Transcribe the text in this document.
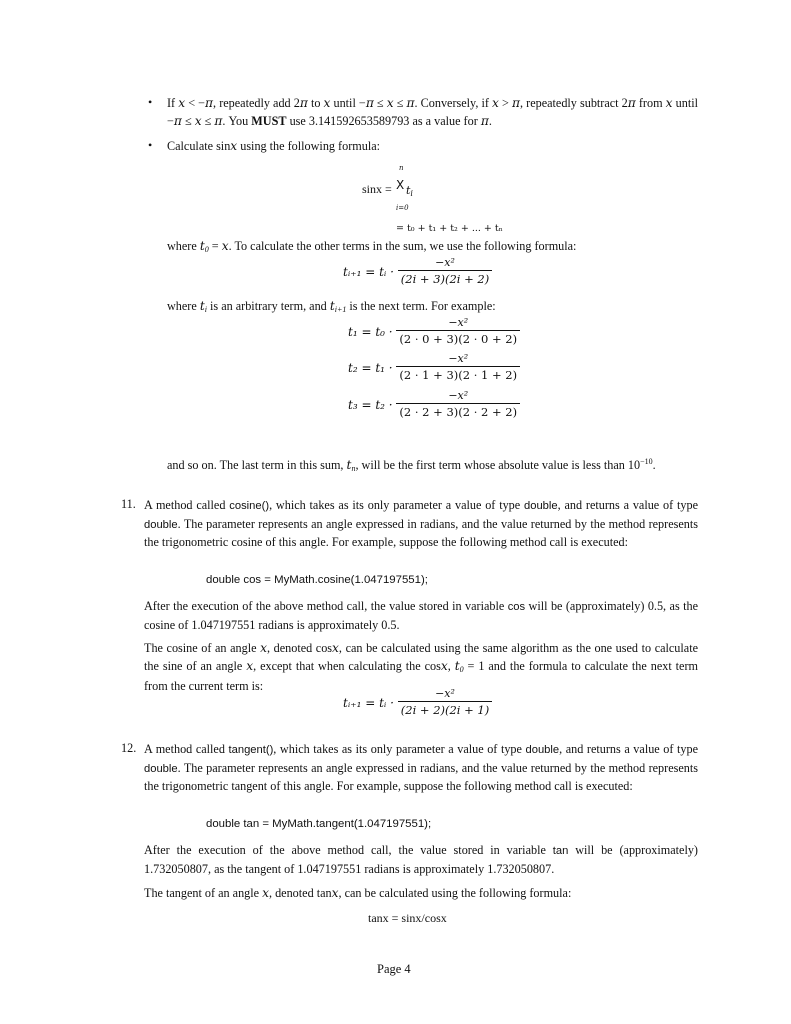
• If x < −π, repeatedly add 2π to x until −π ≤ x ≤ π. Conversely, if x > π, repeatedly subtract 2π from x until −π ≤ x ≤ π. You MUST use 3.141592653589793 as a value for π.
• Calculate sinx using the following formula:
n
sinx = X $t_i$
i=0
= t₀ + t₁ + t₂ + ... + tₙ
where $t_0 = x$. To calculate the other terms in the sum, we use the following formula:
tᵢ₊₁ = tᵢ · $\frac{\text{−x²}}{(2i + 3)(2i + 2)}$
where $t_i$ is an arbitrary term, and $t_{i+1}$ is the next term. For example:
$t_1 = t_0 \cdot \frac{\text{−x²}}{(2 \cdot 0 + 3)(2 \cdot 0 + 2)}$
$t_2 = t_1 \cdot \frac{\text{−x²}}{(2 \cdot 1 + 3)(2 \cdot 1 + 2)}$
$t_3 = t_2 \cdot \frac{\text{−x²}}{(2 \cdot 2 + 3)(2 \cdot 2 + 2)}$
and so on. The last term in this sum, $t_n$, will be the first term whose absolute value is less than $10^{-10}$.
11. A method called cosine(), which takes as its only parameter a value of type double, and returns a value of type double. The parameter represents an angle expressed in radians, and the value returned by the method represents the trigonometric cosine of this angle. For example, suppose the following method call is executed:
double cos = MyMath.cosine(1.047197551);
After the execution of the above method call, the value stored in variable cos will be (approximately) 0.5, as the cosine of 1.047197551 radians is approximately 0.5.
The cosine of an angle x, denoted cosx, can be calculated using the same algorithm as the one used to calculate the sine of an angle x, except that when calculating the cosx, $t_0 = 1$ and the formula to calculate the next term from the current term is:
tᵢ₊₁ = tᵢ · $\frac{\text{−x²}}{(2i + 2)(2i + 1)}$
12. A method called tangent(), which takes as its only parameter a value of type double, and returns a value of type double. The parameter represents an angle expressed in radians, and the value returned by the method represents the trigonometric tangent of this angle. For example, suppose the following method call is executed:
double tan = MyMath.tangent(1.047197551);
After the execution of the above method call, the value stored in variable tan will be (approximately) 1.732050807, as the tangent of 1.047197551 radians is approximately 1.732050807.
The tangent of an angle x, denoted tanx, can be calculated using the following formula:
tanx = sinx/cosx
Page 4
